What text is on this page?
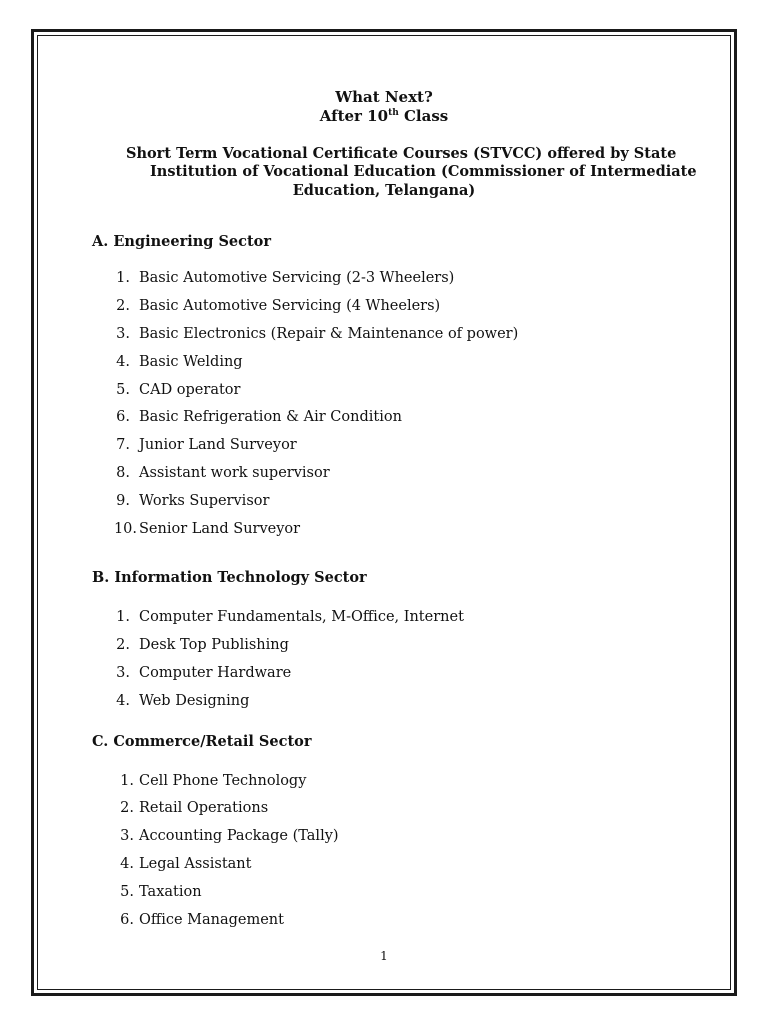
What Next?
After 10th Class
Short Term Vocational Certificate Courses (STVCC) offered by State
Institution of Vocational Education (Commissioner of Intermediate
Education, Telangana)
A. Engineering Sector
1. Basic Automotive Servicing (2-3 Wheelers)
2. Basic Automotive Servicing (4 Wheelers)
3. Basic Electronics (Repair & Maintenance of power)
4. Basic Welding
5. CAD operator
6. Basic Refrigeration & Air Condition
7. Junior Land Surveyor
8. Assistant work supervisor
9. Works Supervisor
10. Senior Land Surveyor
B. Information Technology Sector
1. Computer Fundamentals, M-Office, Internet
2. Desk Top Publishing
3. Computer Hardware
4. Web Designing
C. Commerce/Retail Sector
1. Cell Phone Technology
2. Retail Operations
3. Accounting Package (Tally)
4. Legal Assistant
5. Taxation
6. Office Management
1
